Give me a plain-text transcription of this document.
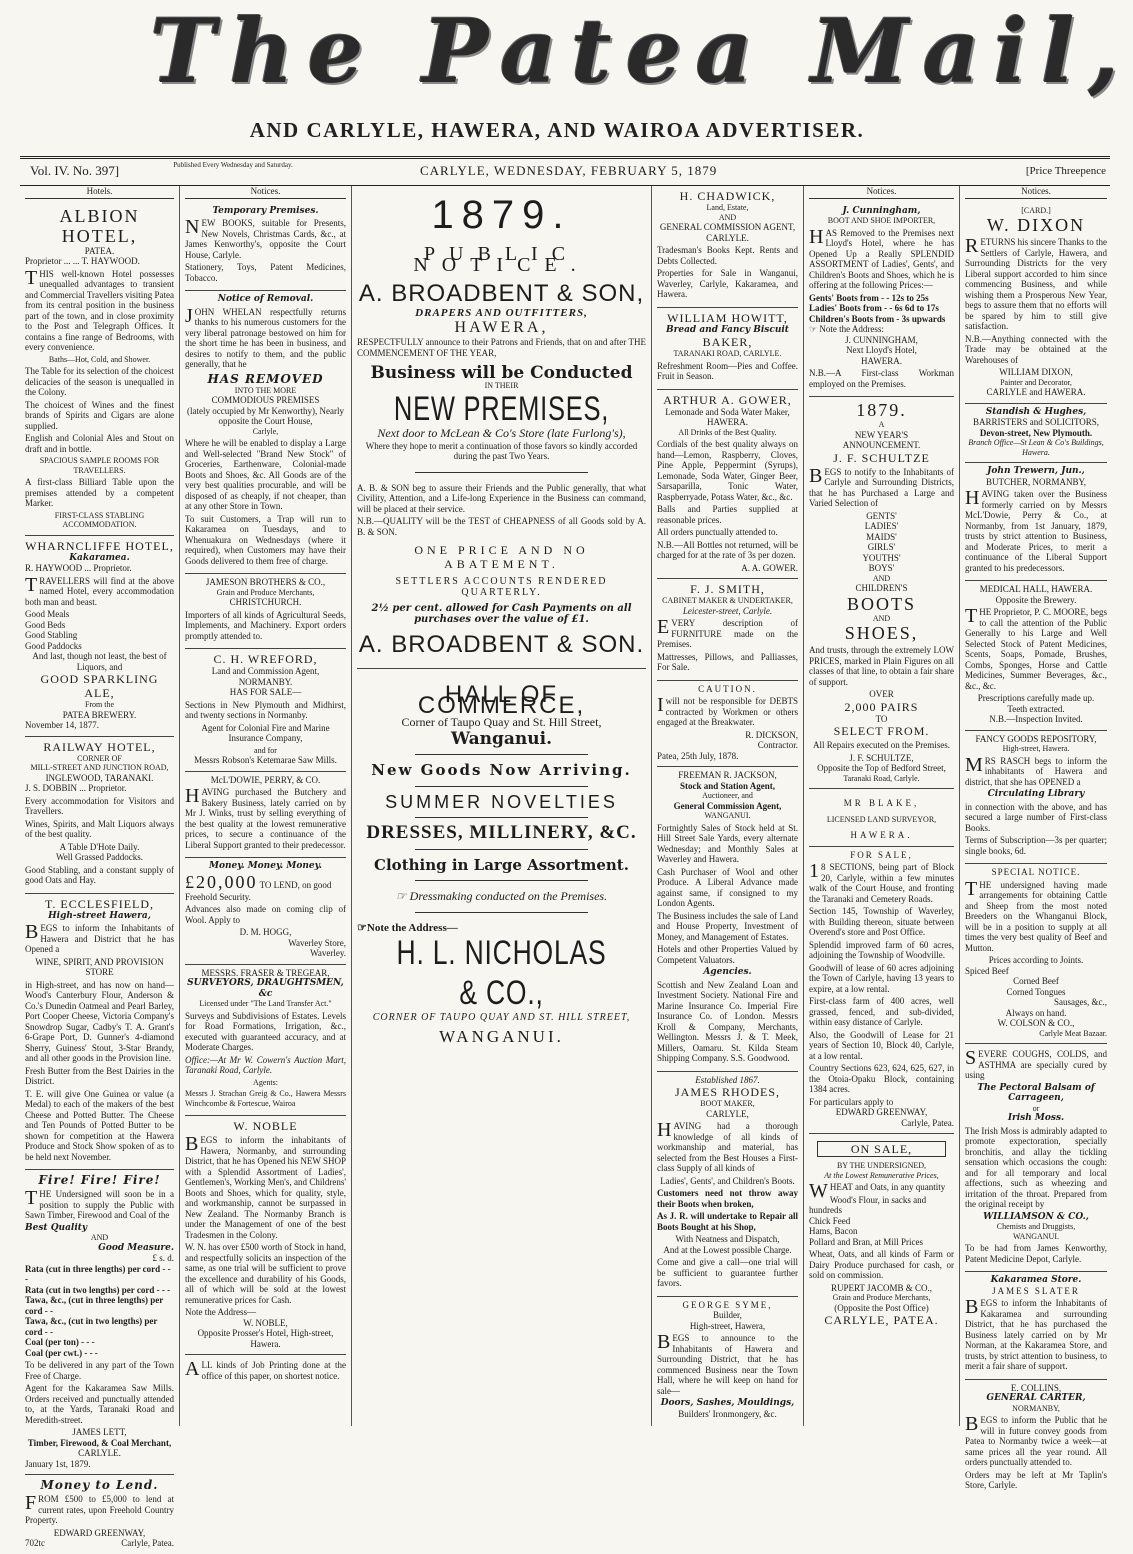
The Patea Mail,
AND CARLYLE, HAWERA, AND WAIROA ADVERTISER.
Vol. IV. No. 397]	Published Every Wednesday and Saturday.	CARLYLE, WEDNESDAY, FEBRUARY 5, 1879	[Price Threepence
Hotels.
ALBION HOTEL,
PATEA.
Proprietor ... ... T. HAYWOOD.

THIS well-known Hotel possesses unequalled advantages to transient and Commercial Travellers visiting Patea from its central position in the business part of the town, and in close proximity to the Post and Telegraph Offices. It contains a fine range of Bedrooms, with every convenience.

Baths—Hot, Cold, and Shower.

The Table for its selection of the choicest delicacies of the season is unequalled in the Colony.

The choicest of Wines and the finest brands of Spirits and Cigars are alone supplied.

English and Colonial Ales and Stout on draft and in bottle.

SPACIOUS SAMPLE ROOMS FOR TRAVELLERS.

A first-class Billiard Table upon the premises attended by a competent Marker.

FIRST-CLASS STABLING ACCOMMODATION.
WHARNCLIFFE HOTEL,
Kakaramea.
R. HAYWOOD ... Proprietor.

TRAVELLERS will find at the above named Hotel, every accommodation both man and beast.

Good Meals
Good Beds
Good Stabling
Good Paddocks
And last, though not least, the best of Liquors, and
GOOD SPARKLING ALE,
From the
PATEA BREWERY.
November 14, 1877.
RAILWAY HOTEL,
CORNER OF
MILL-STREET AND JUNCTION ROAD,
INGLEWOOD, TARANAKI.
J. S. DOBBIN ... Proprietor.

Every accommodation for Visitors and Travellers.

Wines, Spirits, and Malt Liquors always of the best quality.

A Table D'Hote Daily.
Well Grassed Paddocks.

Good Stabling, and a constant supply of good Oats and Hay.

T. ECCLESFIELD,
High-street Hawera,

BEGS to inform the Inhabitants of Hawera and District that he has Opened a

WINE, SPIRIT, AND PROVISION STORE

in High-street, and has now on hand—Wood's Canterbury Flour, Anderson & Co.'s Dunedin Oatmeal and Pearl Barley, Port Cooper Cheese, Victoria Company's Snowdrop Sugar, Cadby's T. A. Grant's 6-Grape Port, D. Gunner's 4-diamond Sherry, Guiness' Stout, 3-Star Brandy, and all other goods in the Provision line.

Fresh Butter from the Best Dairies in the District.

T. E. will give One Guinea or value (a Medal) to each of the makers of the best Cheese and Potted Butter. The Cheese and Ten Pounds of Potted Butter to be shown for competition at the Hawera Produce and Stock Show spoken of as to be held next November.

Fire! Fire! Fire!

THE Undersigned will soon be in a position to supply the Public with Sawn Timber, Firewood and Coal of the

Best Quality
AND
Good Measure.
£ s. d.
Rata (cut in three lengths) per cord - - -
Rata (cut in two lengths) per cord - - -
Tawa, &c., (cut in three lengths) per cord - -
Tawa, &c., (cut in two lengths) per cord - -
Coal (per ton) - - -
Coal (per cwt.) - - -

To be delivered in any part of the Town Free of Charge.

Agent for the Kakaramea Saw Mills. Orders received and punctually attended to, at the Yards, Taranaki Road and Meredith-street.

JAMES LETT,
Timber, Firewood, & Coal Merchant,
CARLYLE.
January 1st, 1879.
Money to Lend.

FROM £500 to £5,000 to lend at current rates, upon Freehold Country Property.

EDWARD GREENWAY,
702tc	Carlyle, Patea.
Notices.
Temporary Premises.

NEW BOOKS, suitable for Presents, New Novels, Christmas Cards, &c., at James Kenworthy's, opposite the Court House, Carlyle.

Stationery, Toys, Patent Medicines, Tobacco.

Notice of Removal.

JOHN WHELAN respectfully returns thanks to his numerous customers for the very liberal patronage bestowed on him for the short time he has been in business, and desires to notify to them, and the public generally, that he

HAS REMOVED
INTO THE MORE
COMMODIOUS PREMISES
(lately occupied by Mr Kenworthy), Nearly opposite the Court House,
Carlyle,

Where he will be enabled to display a Large and Well-selected "Brand New Stock" of Groceries, Earthenware, Colonial-made Boots and Shoes, &c. All Goods are of the very best qualities procurable, and will be disposed of as cheaply, if not cheaper, than at any other Store in Town.

To suit Customers, a Trap will run to Kakaramea on Tuesdays, and to Whenuakura on Wednesdays (where it required), when Customers may have their Goods delivered to them free of charge.

JAMESON BROTHERS & CO.,
Grain and Produce Merchants,
CHRISTCHURCH.

Importers of all kinds of Agricultural Seeds, Implements, and Machinery. Export orders promptly attended to.

C. H. WREFORD,
Land and Commission Agent,
NORMANBY.
HAS FOR SALE—

Sections in New Plymouth and Midhirst, and twenty sections in Normanby.

Agent for Colonial Fire and Marine Insurance Company,

and for
Messrs Robson's Ketemarae Saw Mills.
McL'DOWIE, PERRY, & CO.

HAVING purchased the Butchery and Bakery Business, lately carried on by Mr J. Winks, trust by selling everything of the best quality at the lowest remunerative prices, to secure a continuance of the Liberal Support granted to their predecessor.

Money. Money. Money.
£20,000 TO LEND, on good Freehold Security.

Advances also made on coming clip of Wool. Apply to

D. M. HOGG,
Waverley Store,
Waverley.
MESSRS. FRASER & TREGEAR,
SURVEYORS, DRAUGHTSMEN, &c
Licensed under "The Land Transfer Act."

Surveys and Subdivisions of Estates. Levels for Road Formations, Irrigation, &c., executed with guaranteed accuracy, and at Moderate Charges.

Office:—At Mr W. Cowern's Auction Mart, Taranaki Road, Carlyle.

Agents:

Messrs J. Strachan Greig & Co., Hawera Messrs Winchcombe & Fortescue, Wairoa

W. NOBLE

BEGS to inform the inhabitants of Hawera, Normanby, and surrounding District, that he has Opened his NEW SHOP with a Splendid Assortment of Ladies', Gentlemen's, Working Men's, and Childrens' Boots and Shoes, which for quality, style, and workmanship, cannot be surpassed in New Zealand. The Normanby Branch is under the Management of one of the best Tradesmen in the Colony.

W. N. has over £500 worth of Stock in hand, and respectfully solicits an inspection of the same, as one trial will be sufficient to prove the excellence and durability of his Goods, all of which will be sold at the lowest remunerative prices for Cash.

Note the Address—
W. NOBLE,
Opposite Prosser's Hotel, High-street, Hawera.

ALL kinds of Job Printing done at the office of this paper, on shortest notice.

1879.
PUBLIC NOTICE.
A. BROADBENT & SON,
DRAPERS AND OUTFITTERS,
HAWERA,

RESPECTFULLY announce to their Patrons and Friends, that on and after THE COMMENCEMENT OF THE YEAR,

Business will be Conducted
IN THEIR
NEW PREMISES,
Next door to McLean & Co's Store (late Furlong's),

Where they hope to merit a continuation of those favors so kindly accorded during the past Two Years.

A. B. & SON beg to assure their Friends and the Public generally, that what Civility, Attention, and a Life-long Experience in the Business can command, will be placed at their service.

N.B.—QUALITY will be the TEST of CHEAPNESS of all Goods sold by A. B. & SON.

ONE PRICE AND NO ABATEMENT.
SETTLERS ACCOUNTS RENDERED QUARTERLY.
2½ per cent. allowed for Cash Payments on all purchases over the value of £1.
A. BROADBENT & SON.
HALL OF COMMERCE,
Corner of Taupo Quay and St. Hill Street,
Wanganui.
New Goods Now Arriving.
SUMMER NOVELTIES
DRESSES, MILLINERY, &C.
Clothing in Large Assortment.
☞ Dressmaking conducted on the Premises.
☞Note the Address—
H. L. NICHOLAS & CO.,
CORNER OF TAUPO QUAY AND ST. HILL STREET,
WANGANUI.
H. CHADWICK,
Land, Estate,
AND
GENERAL COMMISSION AGENT,
CARLYLE.

Tradesman's Books Kept. Rents and Debts Collected.

Properties for Sale in Wanganui, Waverley, Carlyle, Kakaramea, and Hawera.

WILLIAM HOWITT,
Bread and Fancy Biscuit
BAKER,
TARANAKI ROAD, CARLYLE.

Refreshment Room—Pies and Coffee. Fruit in Season.

ARTHUR A. GOWER,
Lemonade and Soda Water Maker,
HAWERA.
All Drinks of the Best Quality.

Cordials of the best quality always on hand—Lemon, Raspberry, Cloves, Pine Apple, Peppermint (Syrups), Lemonade, Soda Water, Ginger Beer, Sarsaparilla, Tonic Water, Raspberryade, Potass Water, &c., &c.

Balls and Parties supplied at reasonable prices.

All orders punctually attended to.

N.B.—All Bottles not returned, will be charged for at the rate of 3s per dozen.

A. A. GOWER.
F. J. SMITH,
CABINET MAKER & UNDERTAKER,
Leicester-street, Carlyle.

EVERY description of FURNITURE made on the Premises.

Mattresses, Pillows, and Palliasses, For Sale.

CAUTION.

Iwill not be responsible for DEBTS contracted by Workmen or others engaged at the Breakwater.

R. DICKSON,
Contractor.
Patea, 25th July, 1878.
FREEMAN R. JACKSON,
Stock and Station Agent,
Auctioneer, and
General Commission Agent,
WANGANUI.

Fortnightly Sales of Stock held at St. Hill Street Sale Yards, every alternate Wednesday; and Monthly Sales at Waverley and Hawera.

Cash Purchaser of Wool and other Produce. A Liberal Advance made against same, if consigned to my London Agents.

The Business includes the sale of Land and House Property, Investment of Money, and Management of Estates.

Hotels and other Properties Valued by Competent Valuators.

Agencies.

Scottish and New Zealand Loan and Investment Society. National Fire and Marine Insurance Co. Imperial Fire Insurance Co. of London. Messrs Kroll & Company, Merchants, Wellington. Messrs J. & T. Meek, Millers, Oamaru. St. Kilda Steam Shipping Company. S.S. Goodwood.

Established 1867.
JAMES RHODES,
BOOT MAKER,
CARLYLE,

HAVING had a thorough knowledge of all kinds of workmanship and material, has selected from the Best Houses a First-class Supply of all kinds of

Ladies', Gents', and Children's Boots.

Customers need not throw away their Boots when broken,

As J. R. will undertake to Repair all Boots Bought at his Shop,

With Neatness and Dispatch,
And at the Lowest possible Charge.

Come and give a call—one trial will be sufficient to guarantee further favors.

GEORGE SYME,
Builder,
High-street, Hawera,

BEGS to announce to the Inhabitants of Hawera and Surrounding District, that he has commenced Business near the Town Hall, where he will keep on hand for sale—

Doors, Sashes, Mouldings,
Builders' Ironmongery, &c.
Notices.
J. Cunningham,
BOOT AND SHOE IMPORTER,

HAS Removed to the Premises next Lloyd's Hotel, where he has Opened Up a Really SPLENDID ASSORTMENT of Ladies', Gents', and Children's Boots and Shoes, which he is offering at the following Prices:—

Gents' Boots from - - 12s to 25s
Ladies' Boots from - - 6s 6d to 17s
Children's Boots from - 3s upwards
☞ Note the Address:
J. CUNNINGHAM,
Next Lloyd's Hotel,
HAWERA.

N.B.—A First-class Workman employed on the Premises.

1879.
A
NEW YEAR'S
ANNOUNCEMENT.
J. F. SCHULTZE

BEGS to notify to the Inhabitants of Carlyle and Surrounding Districts, that he has Purchased a Large and Varied Selection of

GENTS'
LADIES'
MAIDS'
GIRLS'
YOUTHS'
BOYS'
AND
CHILDREN'S
BOOTS
AND
SHOES,

And trusts, through the extremely LOW PRICES, marked in Plain Figures on all classes of that line, to obtain a fair share of support.

OVER
2,000 PAIRS
TO
SELECT FROM.

All Repairs executed on the Premises.

J. F. SCHULTZE,
Opposite the Top of Bedford Street,
Taranaki Road, Carlyle.
MR BLAKE,
LICENSED LAND SURVEYOR,
HAWERA.
FOR SALE,

18 SECTIONS, being part of Block 20, Carlyle, within a few minutes walk of the Court House, and fronting the Taranaki and Cemetery Roads.

Section 145, Township of Waverley, with Building thereon, situate between Overend's store and Post Office.

Splendid improved farm of 60 acres, adjoining the Township of Woodville.

Goodwill of lease of 60 acres adjoining the Town of Carlyle, having 13 years to expire, at a low rental.

First-class farm of 400 acres, well grassed, fenced, and sub-divided, within easy distance of Carlyle.

Also, the Goodwill of Lease for 21 years of Section 10, Block 40, Carlyle, at a low rental.

Country Sections 623, 624, 625, 627, in the Otoia-Opaku Block, containing 1384 acres.

For particulars apply to
EDWARD GREENWAY,
Carlyle, Patea.
ON SALE,
BY THE UNDERSIGNED,
At the Lowest Remunerative Prices,

WHEAT and Oats, in any quantity

Wood's Flour, in sacks and hundreds
Chick Feed
Hams, Bacon
Pollard and Bran, at Mill Prices

Wheat, Oats, and all kinds of Farm or Dairy Produce purchased for cash, or sold on commission.

RUPERT JACOMB & CO.,
Grain and Produce Merchants,
(Opposite the Post Office)
CARLYLE, PATEA.
Notices.
[CARD.]
W. DIXON

RETURNS his sincere Thanks to the Settlers of Carlyle, Hawera, and Surrounding Districts for the very Liberal support accorded to him since commencing Business, and while wishing them a Prosperous New Year, begs to assure them that no efforts will be spared by him to still give satisfaction.

N.B.—Anything connected with the Trade may be obtained at the Warehouses of

WILLIAM DIXON,
Painter and Decorator,
CARLYLE and HAWERA.
Standish & Hughes,
BARRISTERS and SOLICITORS,
Devon-street, New Plymouth.
Branch Office—St Lean & Co's Buildings, Hawera.
John Trewern, Jun.,
BUTCHER, NORMANBY,

HAVING taken over the Business formerly carried on by Messrs McL'Dowie, Perry & Co., at Normanby, from 1st January, 1879, trusts by strict attention to Business, and Moderate Prices, to merit a continuance of the Liberal Support granted to his predecessors.

MEDICAL HALL, HAWERA.
Opposite the Brewery.

THE Proprietor, P. C. MOORE, begs to call the attention of the Public Generally to his Large and Well Selected Stock of Patent Medicines, Scents, Soaps, Pomade, Brushes, Combs, Sponges, Horse and Cattle Medicines, Summer Beverages, &c., &c., &c.

Prescriptions carefully made up.
Teeth extracted.
N.B.—Inspection Invited.
FANCY GOODS REPOSITORY,
High-street, Hawera.

MRS RASCH begs to inform the inhabitants of Hawera and district, that she has OPENED a

Circulating Library

in connection with the above, and has secured a large number of First-class Books.

Terms of Subscription—3s per quarter; single books, 6d.

SPECIAL NOTICE.

THE undersigned having made arrangements for obtaining Cattle and Sheep from the most noted Breeders on the Whanganui Block, will be in a position to supply at all times the very best quality of Beef and Mutton.

Prices according to Joints.
Spiced Beef
Corned Beef
Corned Tongues
Sausages, &c.,
Always on hand.
W. COLSON & CO.,
Carlyle Meat Bazaar.

SEVERE COUGHS, COLDS, and ASTHMA are specially cured by using

The Pectoral Balsam of Carrageen,
or
Irish Moss.

The Irish Moss is admirably adapted to promote expectoration, specially bronchitis, and allay the tickling sensation which occasions the cough: and for all temporary and local affections, such as wheezing and irritation of the throat. Prepared from the original receipt by

WILLIAMSON & CO.,
Chemists and Druggists,
WANGANUI.

To be had from James Kenworthy, Patent Medicine Depot, Carlyle.

Kakaramea Store.
JAMES SLATER

BEGS to inform the Inhabitants of Kakaramea and surrounding District, that he has purchased the Business lately carried on by Mr Norman, at the Kakaramea Store, and trusts, by strict attention to business, to merit a fair share of support.

E. COLLINS,
GENERAL CARTER,
NORMANBY,

BEGS to inform the Public that he will in future convey goods from Patea to Normanby twice a week—at same prices all the year round. All orders punctually attended to.

Orders may be left at Mr Taplin's Store, Carlyle.
